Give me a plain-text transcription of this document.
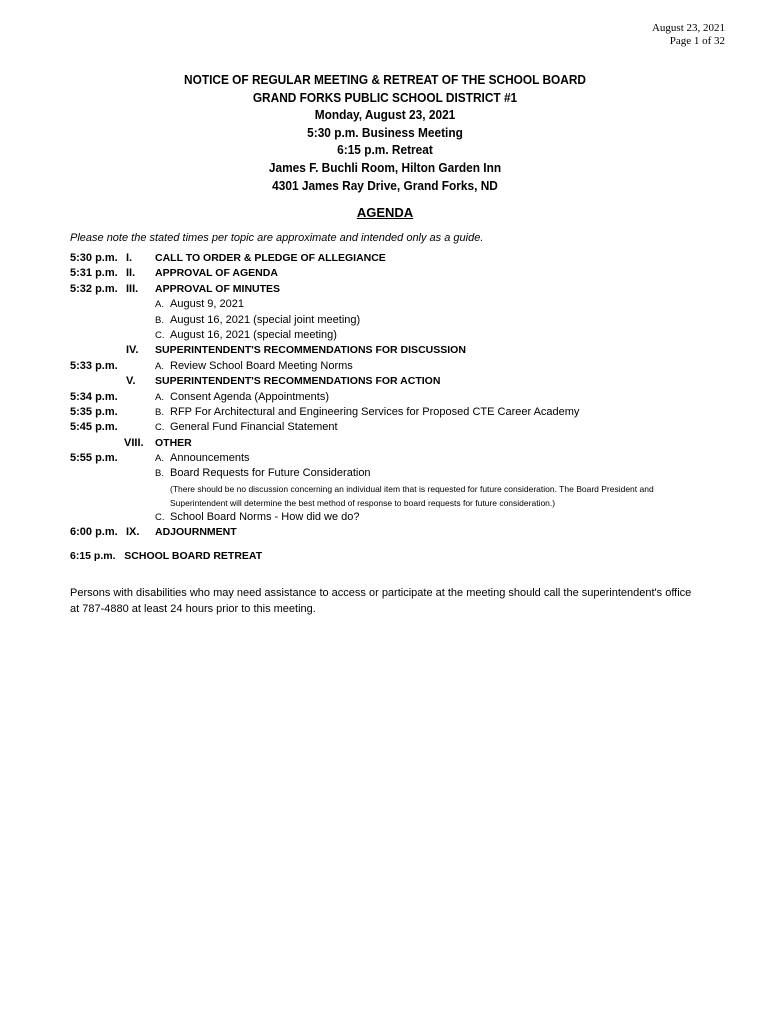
August 23, 2021
Page 1 of 32
NOTICE OF REGULAR MEETING & RETREAT OF THE SCHOOL BOARD
GRAND FORKS PUBLIC SCHOOL DISTRICT #1
Monday, August 23, 2021
5:30 p.m. Business Meeting
6:15 p.m. Retreat
James F. Buchli Room, Hilton Garden Inn
4301 James Ray Drive, Grand Forks, ND
AGENDA
Please note the stated times per topic are approximate and intended only as a guide.
5:30 p.m. I. CALL TO ORDER & PLEDGE OF ALLEGIANCE
5:31 p.m. II. APPROVAL OF AGENDA
5:32 p.m. III. APPROVAL OF MINUTES
A. August 9, 2021
B. August 16, 2021 (special joint meeting)
C. August 16, 2021 (special meeting)
IV. SUPERINTENDENT'S RECOMMENDATIONS FOR DISCUSSION
5:33 p.m.	A. Review School Board Meeting Norms
V. SUPERINTENDENT'S RECOMMENDATIONS FOR ACTION
5:34 p.m.	A. Consent Agenda (Appointments)
5:35 p.m.	B. RFP For Architectural and Engineering Services for Proposed CTE Career Academy
5:45 p.m.	C. General Fund Financial Statement
VIII. OTHER
5:55 p.m.	A. Announcements
B. Board Requests for Future Consideration
(There should be no discussion concerning an individual item that is requested for future consideration. The Board President and Superintendent will determine the best method of response to board requests for future consideration.)
C. School Board Norms - How did we do?
6:00 p.m. IX. ADJOURNMENT
6:15 p.m.   SCHOOL BOARD RETREAT
Persons with disabilities who may need assistance to access or participate at the meeting should call the superintendent's office at 787-4880 at least 24 hours prior to this meeting.
